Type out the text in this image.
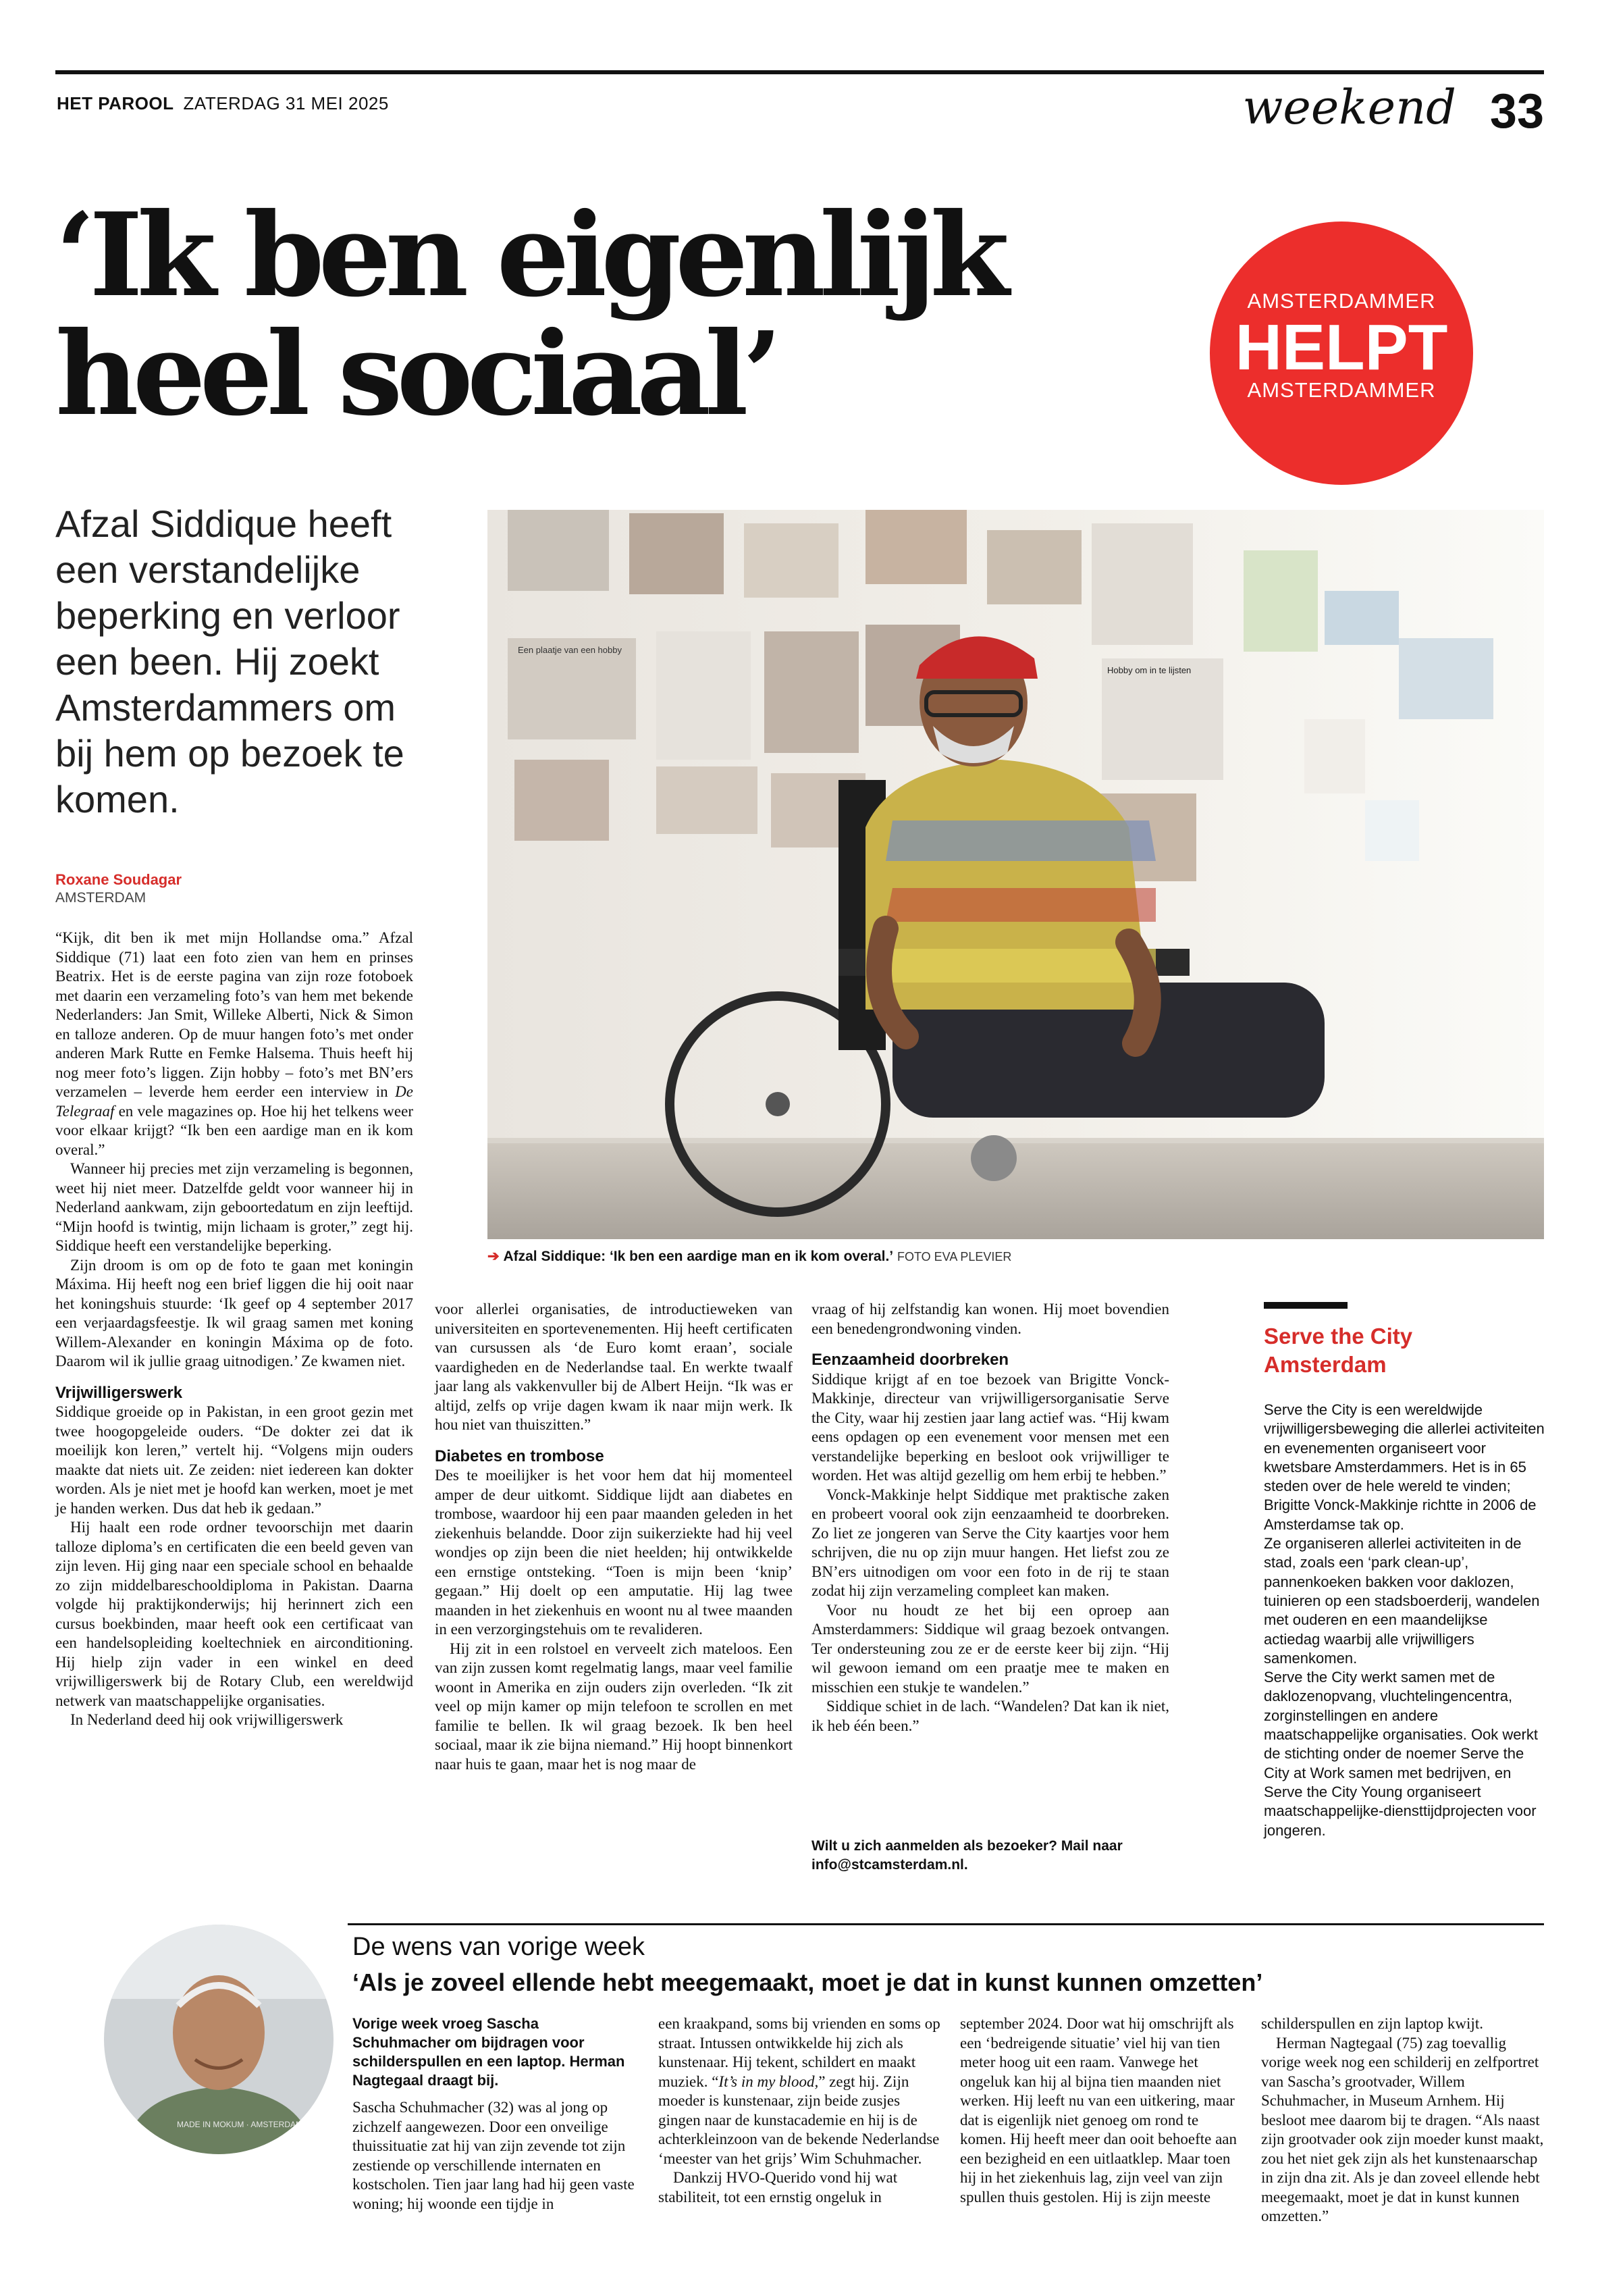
HET PAROOL ZATERDAG 31 MEI 2025	weekend 33
‘Ik ben eigenlijk
heel sociaal’
AMSTERDAMMER
HELPT
AMSTERDAMMER
Afzal Siddique heeft een verstandelijke beperking en verloor een been. Hij zoekt Amsterdammers om bij hem op bezoek te komen.
Roxane Soudagar
AMSTERDAM
Een plaatje van een hobby
Hobby om in te lijsten
➔ Afzal Siddique: ‘Ik ben een aardige man en ik kom overal.’ FOTO EVA PLEVIER

“Kijk, dit ben ik met mijn Hollandse oma.” Afzal Siddique (71) laat een foto zien van hem en prinses Beatrix. Het is de eerste pagina van zijn roze fotoboek met daarin een verzameling foto’s van hem met bekende Nederlanders: Jan Smit, Willeke Alberti, Nick & Simon en talloze anderen. Op de muur hangen foto’s met onder anderen Mark Rutte en Femke Halsema. Thuis heeft hij nog meer foto’s liggen. Zijn hobby – foto’s met BN’ers verzamelen – leverde hem eerder een interview in De Telegraaf en vele magazines op. Hoe hij het telkens weer voor elkaar krijgt? “Ik ben een aardige man en ik kom overal.”

Wanneer hij precies met zijn verzameling is begonnen, weet hij niet meer. Datzelfde geldt voor wanneer hij in Nederland aankwam, zijn geboortedatum en zijn leeftijd. “Mijn hoofd is twintig, mijn lichaam is groter,” zegt hij. Siddique heeft een verstandelijke beperking.

Zijn droom is om op de foto te gaan met koningin Máxima. Hij heeft nog een brief liggen die hij ooit naar het koningshuis stuurde: ‘Ik geef op 4 september 2017 een verjaardagsfeestje. Ik wil graag samen met koning Willem-Alexander en koningin Máxima op de foto. Daarom wil ik jullie graag uitnodigen.’ Ze kwamen niet.

Vrijwilligerswerk

Siddique groeide op in Pakistan, in een groot gezin met twee hoogopgeleide ouders. “De dokter zei dat ik moeilijk kon leren,” vertelt hij. “Volgens mijn ouders maakte dat niets uit. Ze zeiden: niet iedereen kan dokter worden. Als je niet met je hoofd kan werken, moet je met je handen werken. Dus dat heb ik gedaan.”

Hij haalt een rode ordner tevoorschijn met daarin talloze diploma’s en certificaten die een beeld geven van zijn leven. Hij ging naar een speciale school en behaalde zo zijn middelbareschooldiploma in Pakistan. Daarna volgde hij praktijkonderwijs; hij herinnert zich een cursus boekbinden, maar heeft ook een certificaat van een handelsopleiding koeltechniek en airconditioning. Hij hielp zijn vader in een winkel en deed vrijwilligerswerk bij de Rotary Club, een wereldwijd netwerk van maatschappelijke organisaties.

In Nederland deed hij ook vrijwilligerswerk

voor allerlei organisaties, de introductieweken van universiteiten en sportevenementen. Hij heeft certificaten van cursussen als ‘de Euro komt eraan’, sociale vaardigheden en de Nederlandse taal. En werkte twaalf jaar lang als vakkenvuller bij de Albert Heijn. “Ik was er altijd, zelfs op vrije dagen kwam ik naar mijn werk. Ik hou niet van thuiszitten.”

Diabetes en trombose

Des te moeilijker is het voor hem dat hij momenteel amper de deur uitkomt. Siddique lijdt aan diabetes en trombose, waardoor hij een paar maanden geleden in het ziekenhuis belandde. Door zijn suikerziekte had hij veel wondjes op zijn been die niet heelden; hij ontwikkelde een ernstige ontsteking. “Toen is mijn been ‘knip’ gegaan.” Hij doelt op een amputatie. Hij lag twee maanden in het ziekenhuis en woont nu al twee maanden in een verzorgingstehuis om te revalideren.

Hij zit in een rolstoel en verveelt zich mateloos. Een van zijn zussen komt regelmatig langs, maar veel familie woont in Amerika en zijn ouders zijn overleden. “Ik zit veel op mijn kamer op mijn telefoon te scrollen en met familie te bellen. Ik wil graag bezoek. Ik ben heel sociaal, maar ik zie bijna niemand.” Hij hoopt binnenkort naar huis te gaan, maar het is nog maar de

vraag of hij zelfstandig kan wonen. Hij moet bovendien een benedengrondwoning vinden.

Eenzaamheid doorbreken

Siddique krijgt af en toe bezoek van Brigitte Vonck-Makkinje, directeur van vrijwilligersorganisatie Serve the City, waar hij zestien jaar lang actief was. “Hij kwam eens opdagen op een evenement voor mensen met een verstandelijke beperking en besloot ook vrijwilliger te worden. Het was altijd gezellig om hem erbij te hebben.”

Vonck-Makkinje helpt Siddique met praktische zaken en probeert vooral ook zijn eenzaamheid te doorbreken. Zo liet ze jongeren van Serve the City kaartjes voor hem schrijven, die nu op zijn muur hangen. Het liefst zou ze BN’ers uitnodigen om voor een foto in de rij te staan zodat hij zijn verzameling compleet kan maken.

Voor nu houdt ze het bij een oproep aan Amsterdammers: Siddique wil graag bezoek ontvangen. Ter ondersteuning zou ze er de eerste keer bij zijn. “Hij wil gewoon iemand om een praatje mee te maken en misschien een stukje te wandelen.”

Siddique schiet in de lach. “Wandelen? Dat kan ik niet, ik heb één been.”

Wilt u zich aanmelden als bezoeker? Mail naar info@stcamsterdam.nl.
Serve the City
Amsterdam

Serve the City is een wereldwijde vrijwilligersbeweging die allerlei activiteiten en evenementen organiseert voor kwetsbare Amsterdammers. Het is in 65 steden over de hele wereld te vinden; Brigitte Vonck-Makkinje richtte in 2006 de Amsterdamse tak op.

Ze organiseren allerlei activiteiten in de stad, zoals een ‘park clean-up’, pannenkoeken bakken voor daklozen, tuinieren op een stadsboerderij, wandelen met ouderen en een maandelijkse actiedag waarbij alle vrijwilligers samenkomen.

Serve the City werkt samen met de daklozenopvang, vluchtelingencentra, zorginstellingen en andere maatschappelijke organisaties. Ook werkt de stichting onder de noemer Serve the City at Work samen met bedrijven, en Serve the City Young organiseert maatschappelijke-diensttijdprojecten voor jongeren.

MADE IN MOKUM · AMSTERDAM
De wens van vorige week
‘Als je zoveel ellende hebt meegemaakt, moet je dat in kunst kunnen omzetten’
Vorige week vroeg Sascha Schuhmacher om bijdragen voor schilderspullen en een laptop. Herman Nagtegaal draagt bij.

Sascha Schuhmacher (32) was al jong op zichzelf aangewezen. Door een onveilige thuissituatie zat hij van zijn zevende tot zijn zestiende op verschillende internaten en kostscholen. Tien jaar lang had hij geen vaste woning; hij woonde een tijdje in

een kraakpand, soms bij vrienden en soms op straat. Intussen ontwikkelde hij zich als kunstenaar. Hij tekent, schildert en maakt muziek. “It’s in my blood,” zegt hij. Zijn moeder is kunstenaar, zijn beide zusjes gingen naar de kunstacademie en hij is de achterkleinzoon van de bekende Nederlandse ‘meester van het grijs’ Wim Schuhmacher.

Dankzij HVO-Querido vond hij wat stabiliteit, tot een ernstig ongeluk in

september 2024. Door wat hij omschrijft als een ‘bedreigende situatie’ viel hij van tien meter hoog uit een raam. Vanwege het ongeluk kan hij al bijna tien maanden niet werken. Hij leeft nu van een uitkering, maar dat is eigenlijk niet genoeg om rond te komen. Hij heeft meer dan ooit behoefte aan een bezigheid en een uitlaatklep. Maar toen hij in het ziekenhuis lag, zijn veel van zijn spullen thuis gestolen. Hij is zijn meeste

schilderspullen en zijn laptop kwijt.

Herman Nagtegaal (75) zag toevallig vorige week nog een schilderij en zelfportret van Sascha’s grootvader, Willem Schuhmacher, in Museum Arnhem. Hij besloot mee daarom bij te dragen. “Als naast zijn grootvader ook zijn moeder kunst maakt, zou het niet gek zijn als het kunstenaarschap in zijn dna zit. Als je dan zoveel ellende hebt meegemaakt, moet je dat in kunst kunnen omzetten.”
